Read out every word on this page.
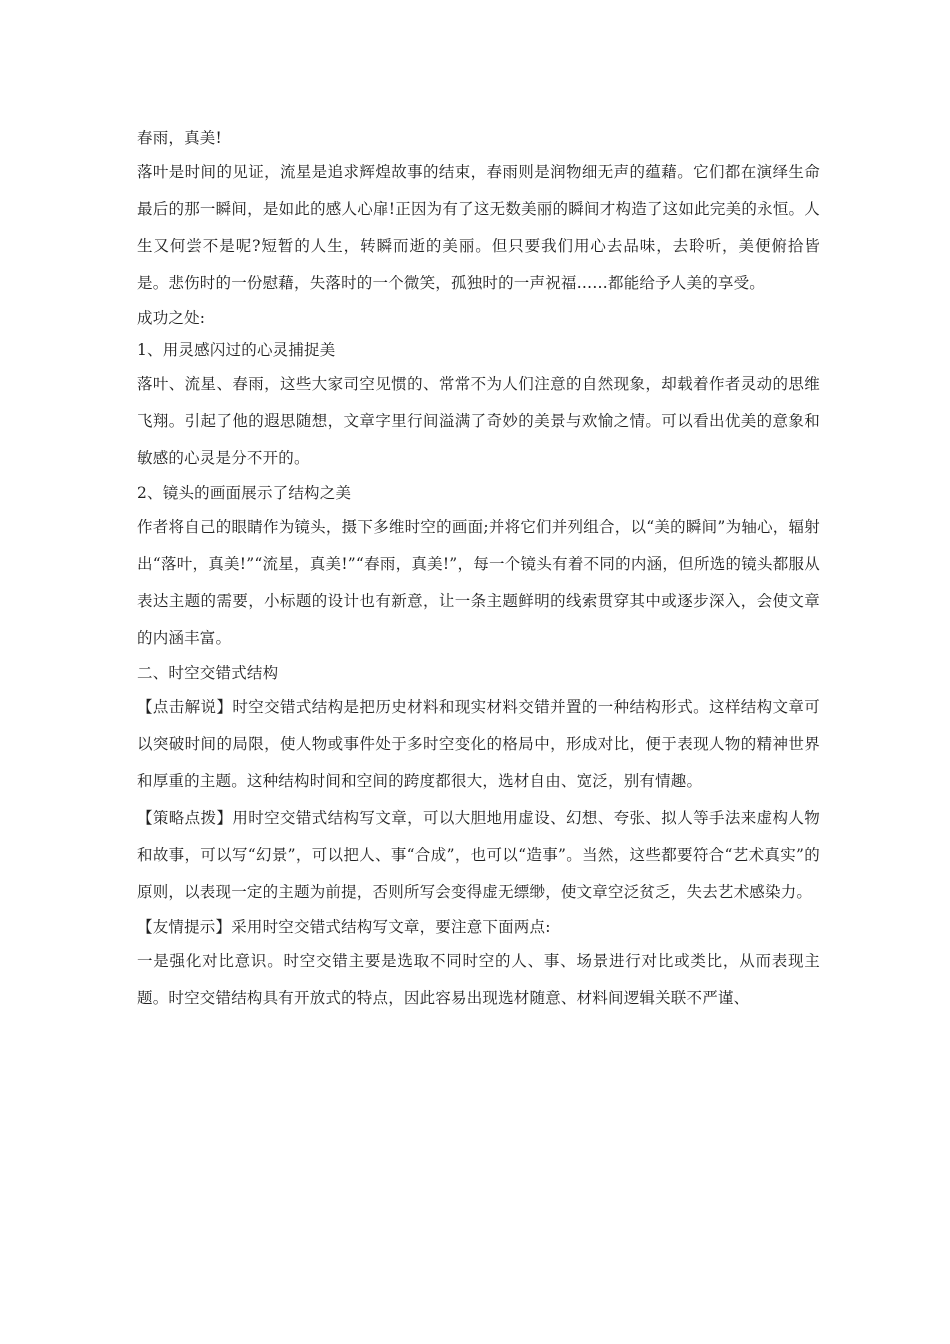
春雨，真美!

落叶是时间的见证，流星是追求辉煌故事的结束，春雨则是润物细无声的蕴藉。它们都在演绎生命最后的那一瞬间，是如此的感人心扉!正因为有了这无数美丽的瞬间才构造了这如此完美的永恒。人生又何尝不是呢?短暂的人生，转瞬而逝的美丽。但只要我们用心去品味，去聆听，美便俯拾皆是。悲伤时的一份慰藉，失落时的一个微笑，孤独时的一声祝福……都能给予人美的享受。

成功之处:

1、用灵感闪过的心灵捕捉美

落叶、流星、春雨，这些大家司空见惯的、常常不为人们注意的自然现象，却载着作者灵动的思维飞翔。引起了他的遐思随想，文章字里行间溢满了奇妙的美景与欢愉之情。可以看出优美的意象和敏感的心灵是分不开的。

2、镜头的画面展示了结构之美

作者将自己的眼睛作为镜头，摄下多维时空的画面;并将它们并列组合，以“美的瞬间”为轴心，辐射出“落叶，真美!”“流星，真美!”“春雨，真美!”，每一个镜头有着不同的内涵，但所选的镜头都服从表达主题的需要，小标题的设计也有新意，让一条主题鲜明的线索贯穿其中或逐步深入，会使文章的内涵丰富。

二、时空交错式结构

【点击解说】时空交错式结构是把历史材料和现实材料交错并置的一种结构形式。这样结构文章可以突破时间的局限，使人物或事件处于多时空变化的格局中，形成对比，便于表现人物的精神世界和厚重的主题。这种结构时间和空间的跨度都很大，选材自由、宽泛，别有情趣。

【策略点拨】用时空交错式结构写文章，可以大胆地用虚设、幻想、夸张、拟人等手法来虚构人物和故事，可以写“幻景”，可以把人、事“合成”，也可以“造事”。当然，这些都要符合“艺术真实”的原则，以表现一定的主题为前提，否则所写会变得虚无缥缈，使文章空泛贫乏，失去艺术感染力。

【友情提示】采用时空交错式结构写文章，要注意下面两点:

一是强化对比意识。时空交错主要是选取不同时空的人、事、场景进行对比或类比，从而表现主题。时空交错结构具有开放式的特点，因此容易出现选材随意、材料间逻辑关联不严谨、
